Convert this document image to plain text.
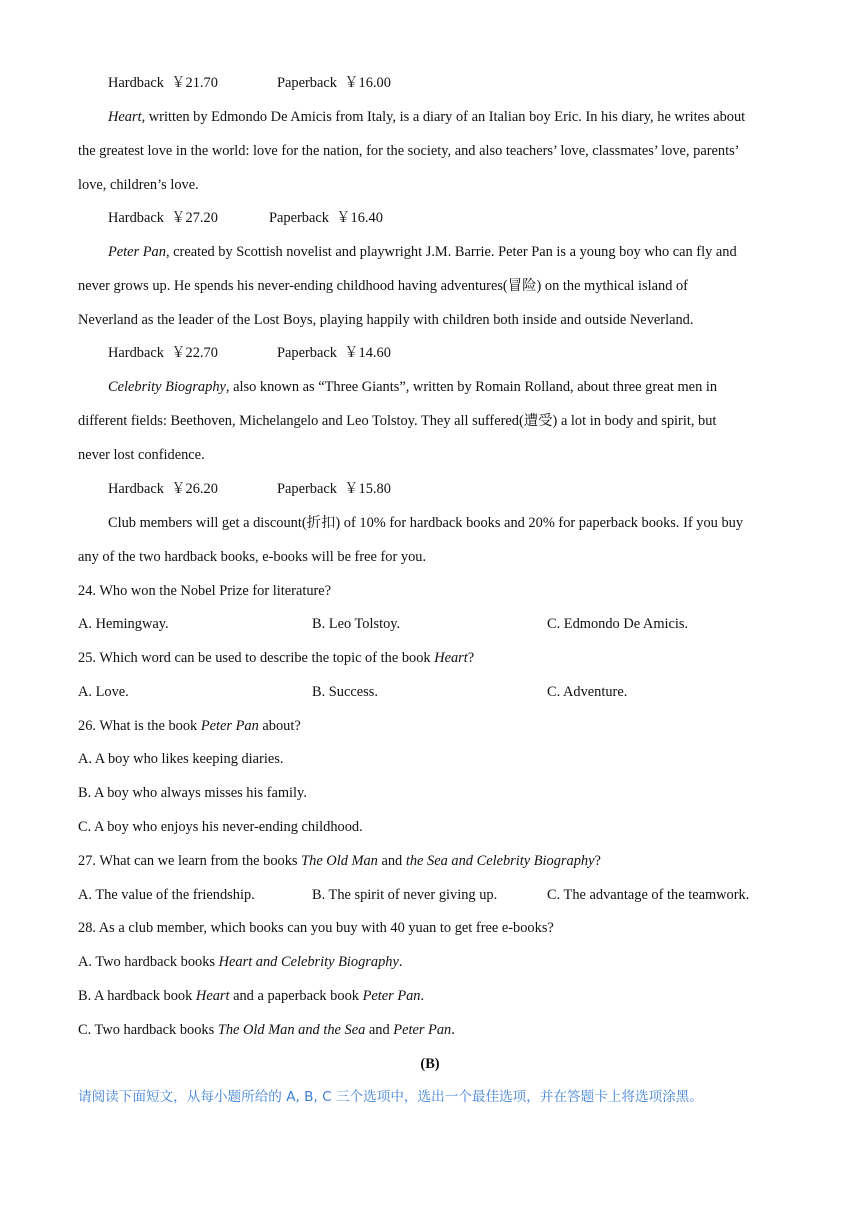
Hardback ￥21.70	Paperback ￥16.00
Heart, written by Edmondo De Amicis from Italy, is a diary of an Italian boy Eric. In his diary, he writes about
the greatest love in the world: love for the nation, for the society, and also teachers’ love, classmates’ love, parents’
love, children’s love.
Hardback ￥27.20	Paperback ￥16.40
Peter Pan, created by Scottish novelist and playwright J.M. Barrie. Peter Pan is a young boy who can fly and
never grows up. He spends his never-ending childhood having adventures(冒险) on the mythical island of
Neverland as the leader of the Lost Boys, playing happily with children both inside and outside Neverland.
Hardback ￥22.70	Paperback ￥14.60
Celebrity Biography, also known as “Three Giants”, written by Romain Rolland, about three great men in
different fields: Beethoven, Michelangelo and Leo Tolstoy. They all suffered(遭受) a lot in body and spirit, but
never lost confidence.
Hardback ￥26.20	Paperback ￥15.80
Club members will get a discount(折扣) of 10% for hardback books and 20% for paperback books. If you buy
any of the two hardback books, e-books will be free for you.
24. Who won the Nobel Prize for literature?
A. Hemingway.	B. Leo Tolstoy.	C. Edmondo De Amicis.
25. Which word can be used to describe the topic of the book Heart?
A. Love.	B. Success.	C. Adventure.
26. What is the book Peter Pan about?
A. A boy who likes keeping diaries.
B. A boy who always misses his family.
C. A boy who enjoys his never-ending childhood.
27. What can we learn from the books The Old Man and the Sea and Celebrity Biography?
A. The value of the friendship.	B. The spirit of never giving up.	C. The advantage of the teamwork.
28. As a club member, which books can you buy with 40 yuan to get free e-books?
A. Two hardback books Heart and Celebrity Biography.
B. A hardback book Heart and a paperback book Peter Pan.
C. Two hardback books The Old Man and the Sea and Peter Pan.
(B)
请阅读下面短文，从每小题所给的 A, B, C 三个选项中，选出一个最佳选项，并在答题卡上将选项涂黑。
